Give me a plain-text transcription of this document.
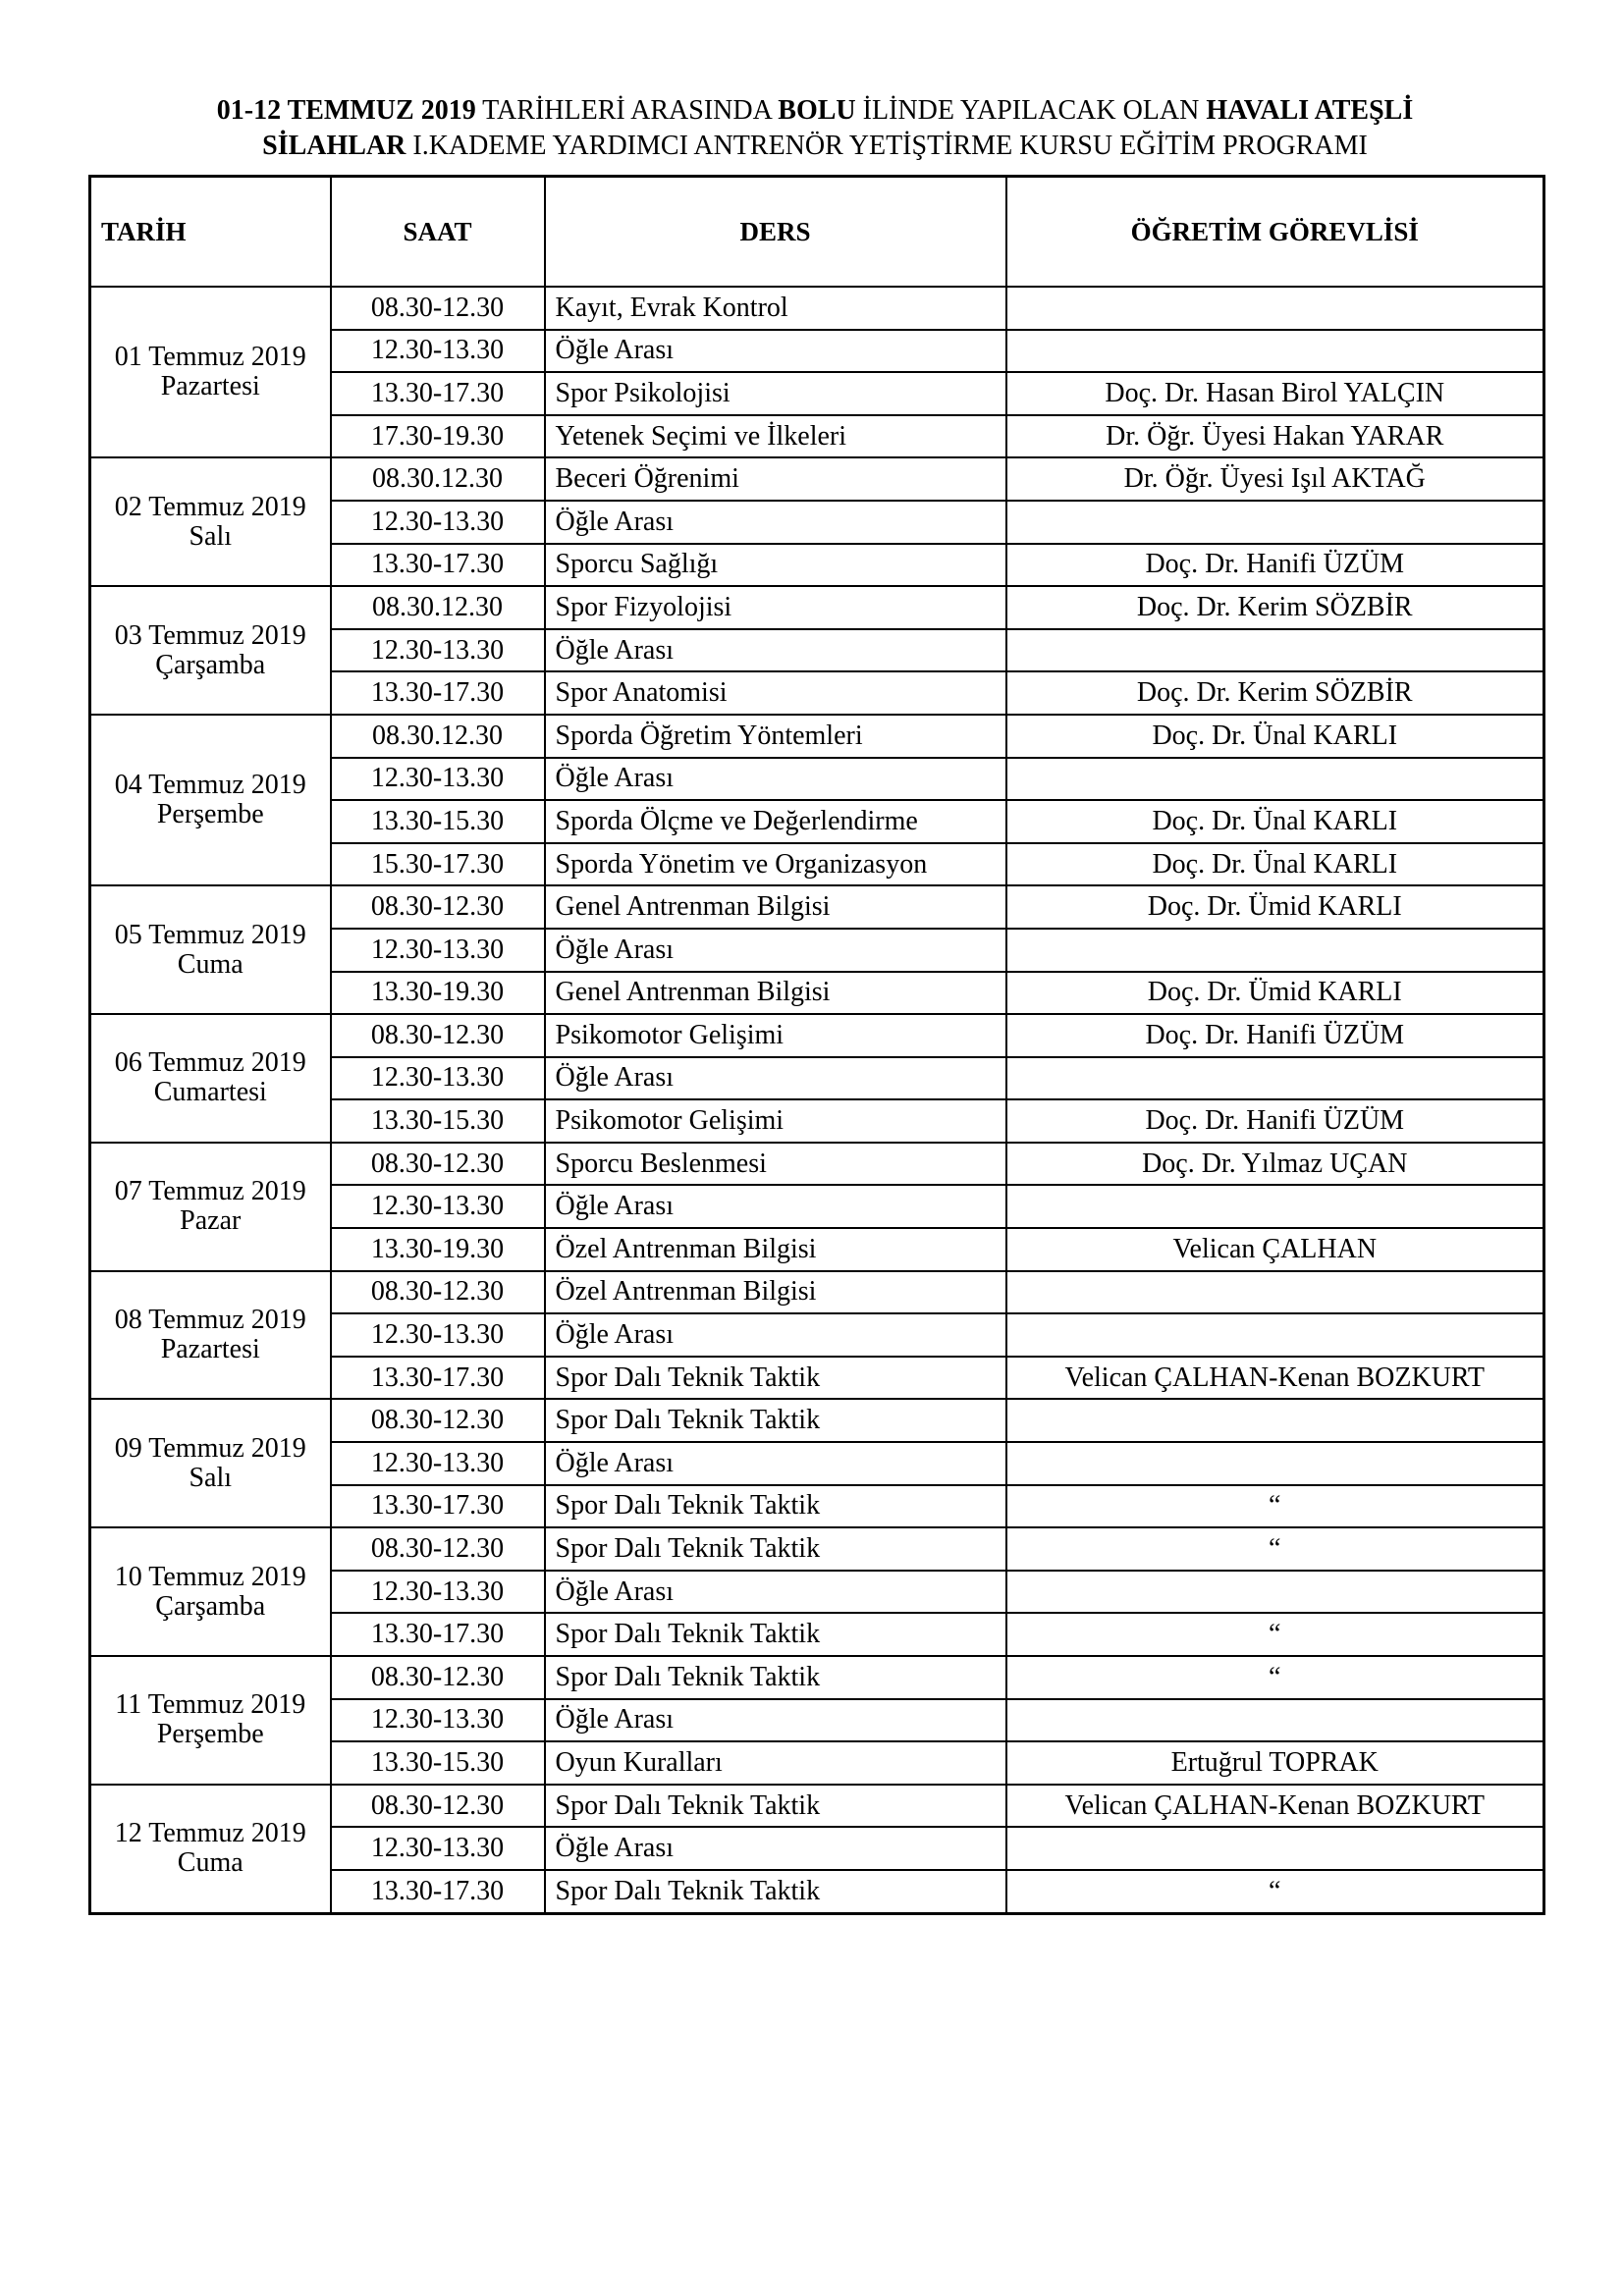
01-12 TEMMUZ 2019 TARİHLERİ ARASINDA BOLU İLİNDE YAPILACAK OLAN HAVALI ATEŞLİ
SİLAHLAR I.KADEME YARDIMCI ANTRENÖR YETİŞTİRME KURSU EĞİTİM PROGRAMI
TARİH	SAAT	DERS	ÖĞRETİM GÖREVLİSİ

01 Temmuz 2019
Pazartesi	08.30-12.30	Kayıt, Evrak Kontrol	
	12.30-13.30	Öğle Arası	
	13.30-17.30	Spor Psikolojisi	Doç. Dr. Hasan Birol YALÇIN
	17.30-19.30	Yetenek Seçimi ve İlkeleri	Dr. Öğr. Üyesi Hakan YARAR

02 Temmuz 2019
Salı	08.30.12.30	Beceri Öğrenimi	Dr. Öğr. Üyesi Işıl AKTAĞ
	12.30-13.30	Öğle Arası	
	13.30-17.30	Sporcu Sağlığı	Doç. Dr. Hanifi ÜZÜM

03 Temmuz 2019
Çarşamba	08.30.12.30	Spor Fizyolojisi	Doç. Dr. Kerim SÖZBİR
	12.30-13.30	Öğle Arası	
	13.30-17.30	Spor Anatomisi	Doç. Dr. Kerim SÖZBİR

04 Temmuz 2019
Perşembe	08.30.12.30	Sporda Öğretim Yöntemleri	Doç. Dr. Ünal KARLI
	12.30-13.30	Öğle Arası	
	13.30-15.30	Sporda Ölçme ve Değerlendirme	Doç. Dr. Ünal KARLI
	15.30-17.30	Sporda Yönetim ve Organizasyon	Doç. Dr. Ünal KARLI

05 Temmuz 2019
Cuma	08.30-12.30	Genel Antrenman Bilgisi	Doç. Dr. Ümid KARLI
	12.30-13.30	Öğle Arası	
	13.30-19.30	Genel Antrenman Bilgisi	Doç. Dr. Ümid KARLI

06 Temmuz 2019
Cumartesi	08.30-12.30	Psikomotor Gelişimi	Doç. Dr. Hanifi ÜZÜM
	12.30-13.30	Öğle Arası	
	13.30-15.30	Psikomotor Gelişimi	Doç. Dr. Hanifi ÜZÜM

07 Temmuz 2019
Pazar	08.30-12.30	Sporcu Beslenmesi	Doç. Dr. Yılmaz UÇAN
	12.30-13.30	Öğle Arası	
	13.30-19.30	Özel Antrenman Bilgisi	Velican ÇALHAN

08 Temmuz 2019
Pazartesi	08.30-12.30	Özel Antrenman Bilgisi	
	12.30-13.30	Öğle Arası	
	13.30-17.30	Spor Dalı Teknik Taktik	Velican ÇALHAN-Kenan BOZKURT

09 Temmuz 2019
Salı	08.30-12.30	Spor Dalı Teknik Taktik	
	12.30-13.30	Öğle Arası	
	13.30-17.30	Spor Dalı Teknik Taktik	“

10 Temmuz 2019
Çarşamba	08.30-12.30	Spor Dalı Teknik Taktik	“
	12.30-13.30	Öğle Arası	
	13.30-17.30	Spor Dalı Teknik Taktik	“

11 Temmuz 2019
Perşembe	08.30-12.30	Spor Dalı Teknik Taktik	“
	12.30-13.30	Öğle Arası	
	13.30-15.30	Oyun Kuralları	Ertuğrul TOPRAK

12 Temmuz 2019
Cuma	08.30-12.30	Spor Dalı Teknik Taktik	Velican ÇALHAN-Kenan BOZKURT
	12.30-13.30	Öğle Arası	
	13.30-17.30	Spor Dalı Teknik Taktik	“
